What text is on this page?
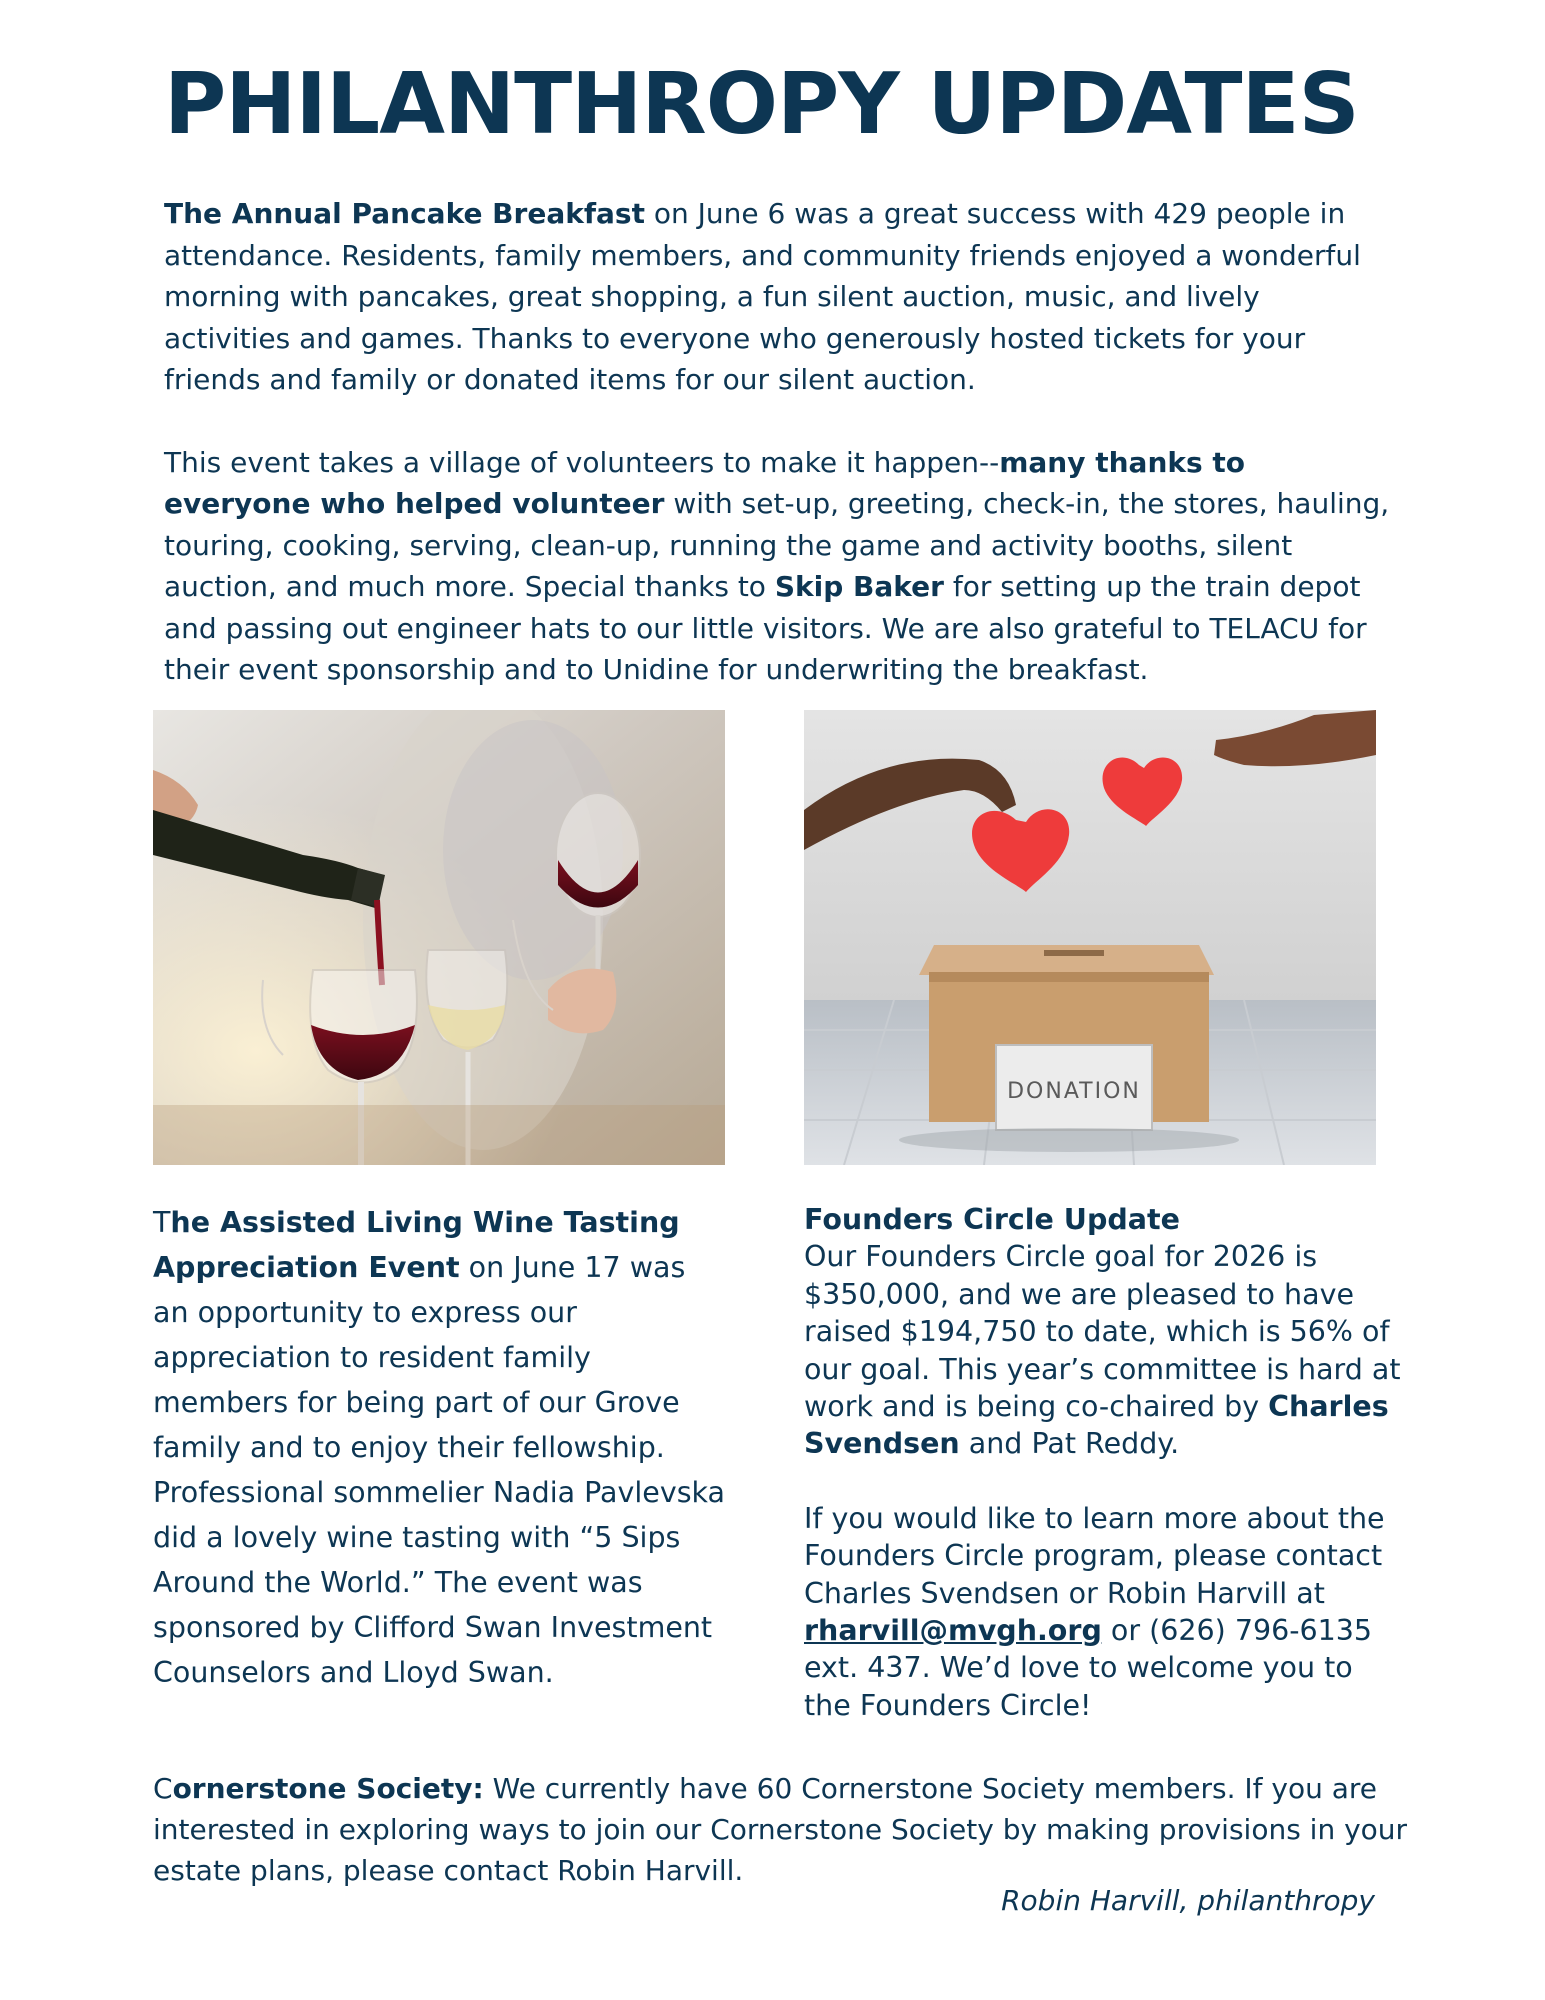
PHILANTHROPY UPDATES

The Annual Pancake Breakfast on June 6 was a great success with 429 people in attendance. Residents, family members, and community friends enjoyed a wonderful morning with pancakes, great shopping, a fun silent auction, music, and lively activities and games. Thanks to everyone who generously hosted tickets for your friends and family or donated items for our silent auction.

This event takes a village of volunteers to make it happen--many thanks to everyone who helped volunteer with set-up, greeting, check-in, the stores, hauling, touring, cooking, serving, clean-up, running the game and activity booths, silent auction, and much more. Special thanks to Skip Baker for setting up the train depot and passing out engineer hats to our little visitors. We are also grateful to TELACU for their event sponsorship and to Unidine for underwriting the breakfast.

DONATION

The Assisted Living Wine Tasting Appreciation Event on June 17 was an opportunity to express our appreciation to resident family members for being part of our Grove family and to enjoy their fellowship. Professional sommelier Nadia Pavlevska did a lovely wine tasting with “5 Sips Around the World.” The event was sponsored by Clifford Swan Investment Counselors and Lloyd Swan.

Founders Circle Update
Our Founders Circle goal for 2026 is $350,000, and we are pleased to have raised $194,750 to date, which is 56% of our goal. This year’s committee is hard at work and is being co-chaired by Charles Svendsen and Pat Reddy.

If you would like to learn more about the Founders Circle program, please contact Charles Svendsen or Robin Harvill at rharvill@mvgh.org or (626) 796-6135 ext. 437. We’d love to welcome you to the Founders Circle!

Cornerstone Society: We currently have 60 Cornerstone Society members. If you are interested in exploring ways to join our Cornerstone Society by making provisions in your estate plans, please contact Robin Harvill.

Robin Harvill, philanthropy
